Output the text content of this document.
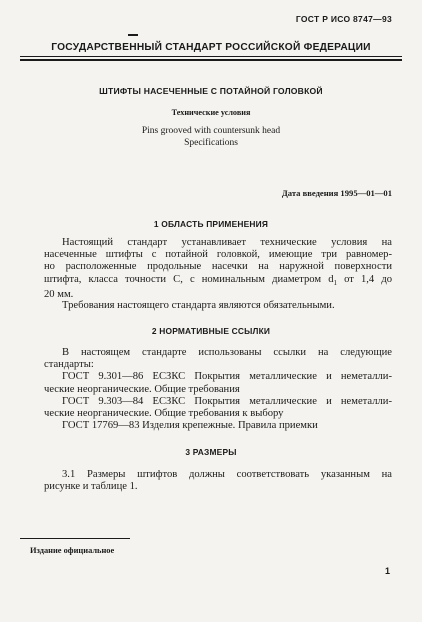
ГОСТ Р ИСО 8747—93
ГОСУДАРСТВЕННЫЙ СТАНДАРТ РОССИЙСКОЙ ФЕДЕРАЦИИ
ШТИФТЫ НАСЕЧЕННЫЕ С ПОТАЙНОЙ ГОЛОВКОЙ
Технические условия
Pins grooved with countersunk head
Specifications
Дата введения 1995—01—01
1 ОБЛАСТЬ ПРИМЕНЕНИЯ
Настоящий стандарт устанавливает технические условия на
насеченные штифты с потайной головкой, имеющие три равномер-
но расположенные продольные насечки на наружной поверхности
штифта, класса точности С, с номинальным диаметром $d_1$ от 1,4 до
20 мм.
Требования настоящего стандарта являются обязательными.
2 НОРМАТИВНЫЕ ССЫЛКИ
В настоящем стандарте использованы ссылки на следующие
стандарты:
ГОСТ 9.301—86 ЕСЗКС Покрытия металлические и неметалли-
ческие неорганические. Общие требования
ГОСТ 9.303—84 ЕСЗКС Покрытия металлические и неметалли-
ческие неорганические. Общие требования к выбору
ГОСТ 17769—83 Изделия крепежные. Правила приемки
3 РАЗМЕРЫ
3.1 Размеры штифтов должны соответствовать указанным на
рисунке и таблице 1.
Издание официальное
1
